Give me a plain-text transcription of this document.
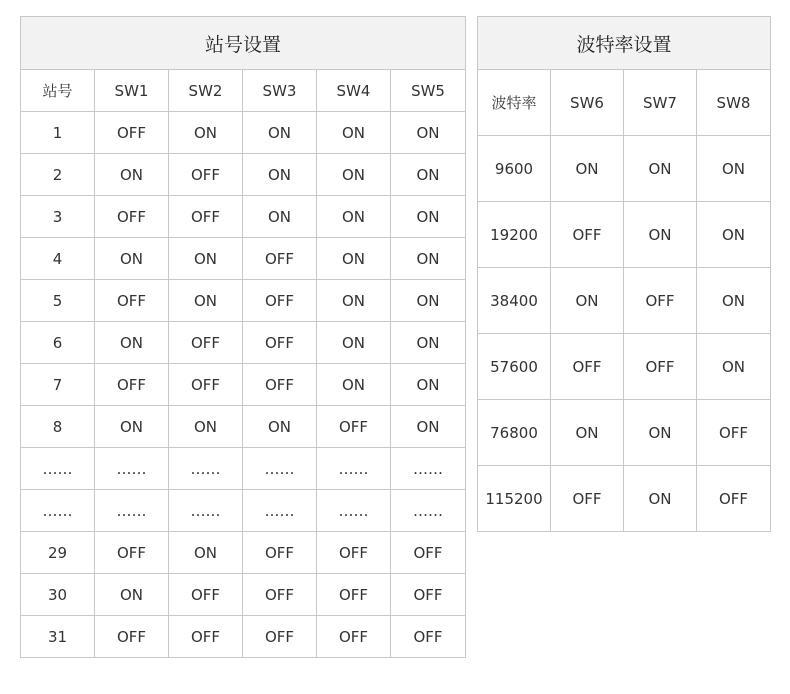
站号设置					
站号	SW1	SW2	SW3	SW4	SW5
1	OFF	ON	ON	ON	ON
2	ON	OFF	ON	ON	ON
3	OFF	OFF	ON	ON	ON
4	ON	ON	OFF	ON	ON
5	OFF	ON	OFF	ON	ON
6	ON	OFF	OFF	ON	ON
7	OFF	OFF	OFF	ON	ON
8	ON	ON	ON	OFF	ON
……	……	……	……	……	……
……	……	……	……	……	……
29	OFF	ON	OFF	OFF	OFF
30	ON	OFF	OFF	OFF	OFF
31	OFF	OFF	OFF	OFF	OFF
波特率设置			
波特率	SW6	SW7	SW8
9600	ON	ON	ON
19200	OFF	ON	ON
38400	ON	OFF	ON
57600	OFF	OFF	ON
76800	ON	ON	OFF
115200	OFF	ON	OFF
